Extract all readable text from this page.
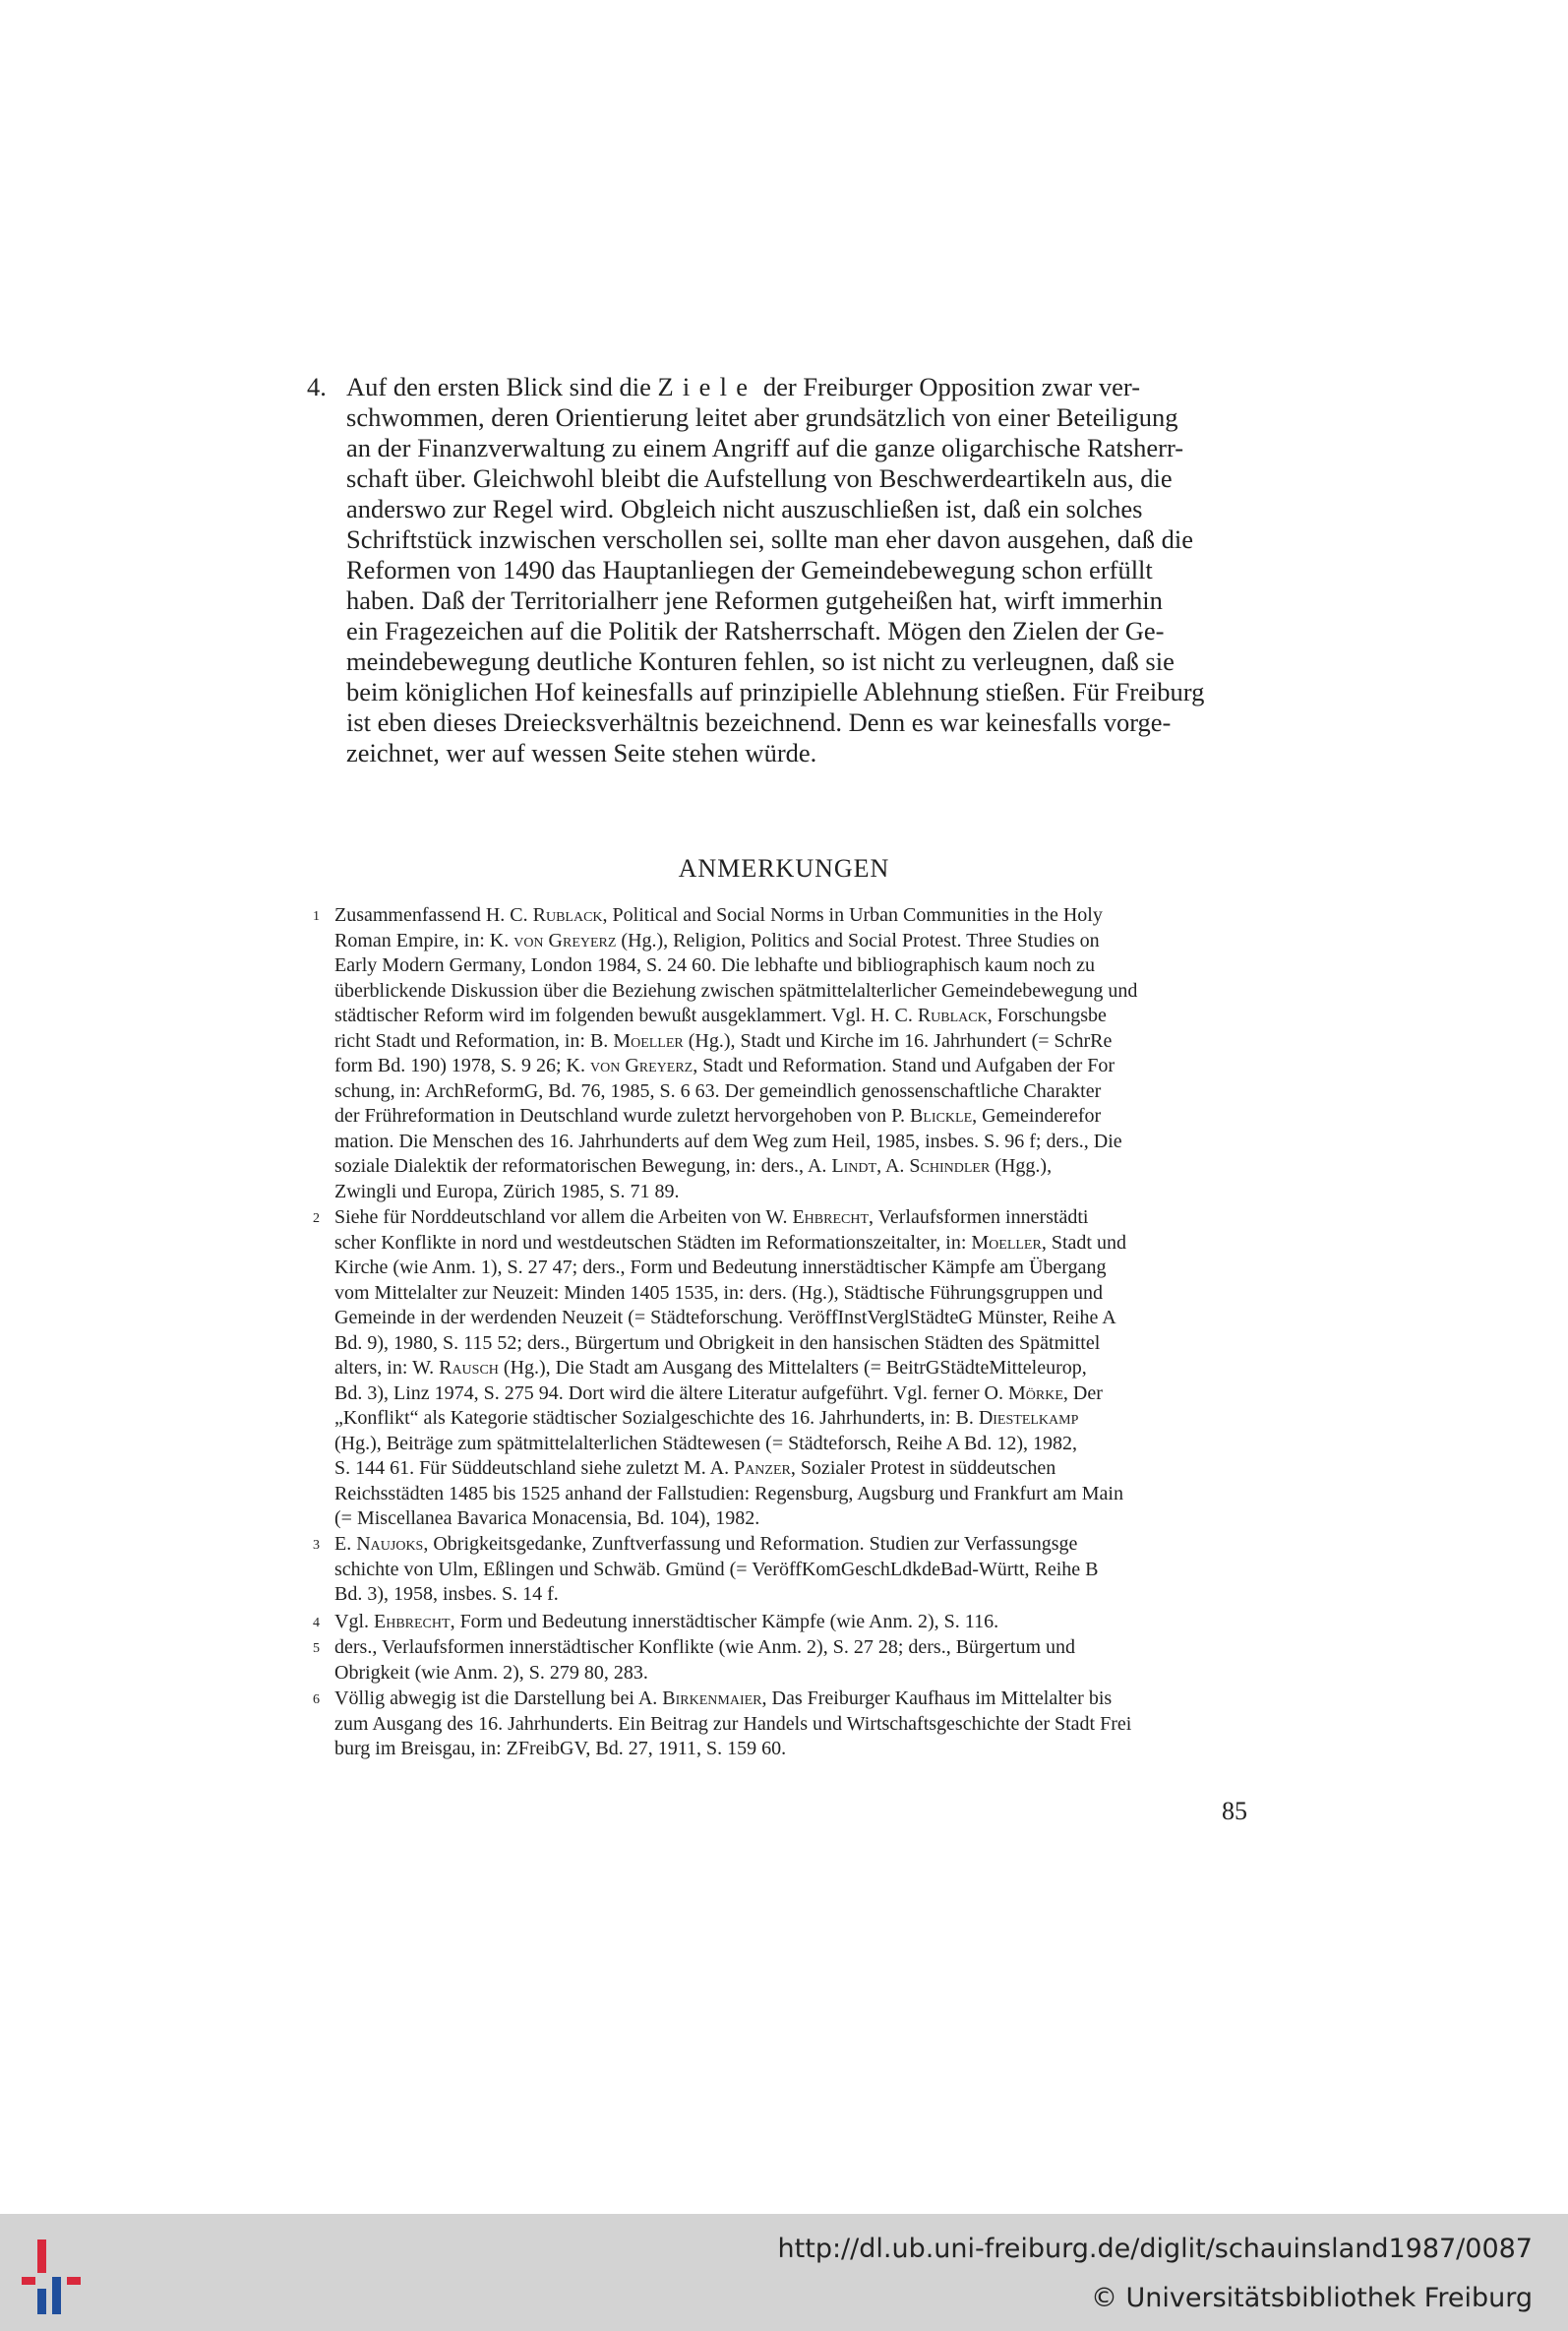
4. Auf den ersten Blick sind die Ziele der Freiburger Opposition zwar ver-
schwommen, deren Orientierung leitet aber grundsätzlich von einer Beteiligung
an der Finanzverwaltung zu einem Angriff auf die ganze oligarchische Ratsherr-
schaft über. Gleichwohl bleibt die Aufstellung von Beschwerdeartikeln aus, die
anderswo zur Regel wird. Obgleich nicht auszuschließen ist, daß ein solches
Schriftstück inzwischen verschollen sei, sollte man eher davon ausgehen, daß die
Reformen von 1490 das Hauptanliegen der Gemeindebewegung schon erfüllt
haben. Daß der Territorialherr jene Reformen gutgeheißen hat, wirft immerhin
ein Fragezeichen auf die Politik der Ratsherrschaft. Mögen den Zielen der Ge-
meindebewegung deutliche Konturen fehlen, so ist nicht zu verleugnen, daß sie
beim königlichen Hof keinesfalls auf prinzipielle Ablehnung stießen. Für Freiburg
ist eben dieses Dreiecksverhältnis bezeichnend. Denn es war keinesfalls vorge-
zeichnet, wer auf wessen Seite stehen würde.
ANMERKUNGEN
1 Zusammenfassend H. C. Rublack, Political and Social Norms in Urban Communities in the Holy
Roman Empire, in: K. von Greyerz (Hg.), Religion, Politics and Social Protest. Three Studies on
Early Modern Germany, London 1984, S. 24 60. Die lebhafte und bibliographisch kaum noch zu
überblickende Diskussion über die Beziehung zwischen spätmittelalterlicher Gemeindebewegung und
städtischer Reform wird im folgenden bewußt ausgeklammert. Vgl. H. C. Rublack, Forschungsbe
richt Stadt und Reformation, in: B. Moeller (Hg.), Stadt und Kirche im 16. Jahrhundert (= SchrRe
form Bd. 190) 1978, S. 9 26; K. von Greyerz, Stadt und Reformation. Stand und Aufgaben der For
schung, in: ArchReformG, Bd. 76, 1985, S. 6 63. Der gemeindlich genossenschaftliche Charakter
der Frühreformation in Deutschland wurde zuletzt hervorgehoben von P. Blickle, Gemeinderefor
mation. Die Menschen des 16. Jahrhunderts auf dem Weg zum Heil, 1985, insbes. S. 96 f; ders., Die
soziale Dialektik der reformatorischen Bewegung, in: ders., A. Lindt, A. Schindler (Hgg.),
Zwingli und Europa, Zürich 1985, S. 71 89.
2 Siehe für Norddeutschland vor allem die Arbeiten von W. Ehbrecht, Verlaufsformen innerstädti
scher Konflikte in nord und westdeutschen Städten im Reformationszeitalter, in: Moeller, Stadt und
Kirche (wie Anm. 1), S. 27 47; ders., Form und Bedeutung innerstädtischer Kämpfe am Übergang
vom Mittelalter zur Neuzeit: Minden 1405 1535, in: ders. (Hg.), Städtische Führungsgruppen und
Gemeinde in der werdenden Neuzeit (= Städteforschung. VeröffInstVerglStädteG Münster, Reihe A
Bd. 9), 1980, S. 115 52; ders., Bürgertum und Obrigkeit in den hansischen Städten des Spätmittel
alters, in: W. Rausch (Hg.), Die Stadt am Ausgang des Mittelalters (= BeitrGStädteMitteleurop,
Bd. 3), Linz 1974, S. 275 94. Dort wird die ältere Literatur aufgeführt. Vgl. ferner O. Mörke, Der
„Konflikt“ als Kategorie städtischer Sozialgeschichte des 16. Jahrhunderts, in: B. Diestelkamp
(Hg.), Beiträge zum spätmittelalterlichen Städtewesen (= Städteforsch, Reihe A Bd. 12), 1982,
S. 144 61. Für Süddeutschland siehe zuletzt M. A. Panzer, Sozialer Protest in süddeutschen
Reichsstädten 1485 bis 1525 anhand der Fallstudien: Regensburg, Augsburg und Frankfurt am Main
(= Miscellanea Bavarica Monacensia, Bd. 104), 1982.
3 E. Naujoks, Obrigkeitsgedanke, Zunftverfassung und Reformation. Studien zur Verfassungsge
schichte von Ulm, Eßlingen und Schwäb. Gmünd (= VeröffKomGeschLdkdeBad-Württ, Reihe B
Bd. 3), 1958, insbes. S. 14 f.
4 Vgl. Ehbrecht, Form und Bedeutung innerstädtischer Kämpfe (wie Anm. 2), S. 116.
5 ders., Verlaufsformen innerstädtischer Konflikte (wie Anm. 2), S. 27 28; ders., Bürgertum und
Obrigkeit (wie Anm. 2), S. 279 80, 283.
6 Völlig abwegig ist die Darstellung bei A. Birkenmaier, Das Freiburger Kaufhaus im Mittelalter bis
zum Ausgang des 16. Jahrhunderts. Ein Beitrag zur Handels und Wirtschaftsgeschichte der Stadt Frei
burg im Breisgau, in: ZFreibGV, Bd. 27, 1911, S. 159 60.
85
http://dl.ub.uni-freiburg.de/diglit/schauinsland1987/0087
© Universitätsbibliothek Freiburg
